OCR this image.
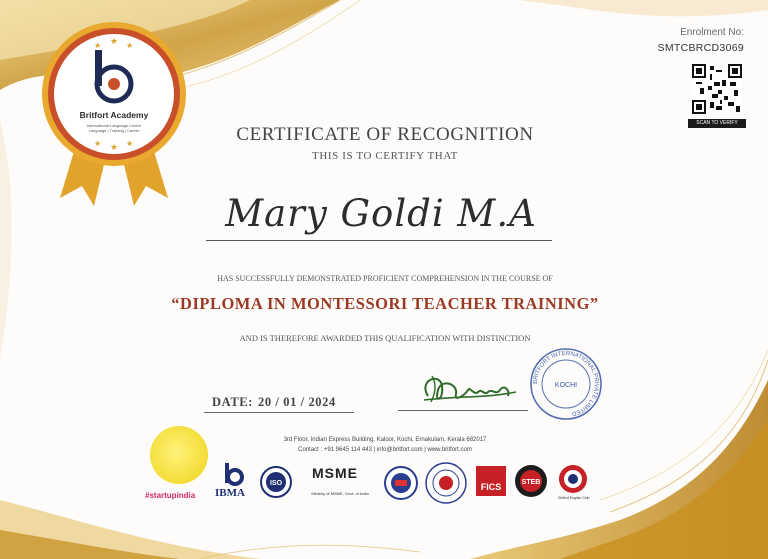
★ ★ ★
★ ★ ★
Britfort Academy
International Language Centre
Language | Training | Career
Enrolment No:
SMTCBRCD3069
SCAN TO VERIFY
CERTIFICATE OF RECOGNITION
THIS IS TO CERTIFY THAT
Mary Goldi M.A
HAS SUCCESSFULLY DEMONSTRATED PROFICIENT COMPREHENSION IN THE COURSE OF
“DIPLOMA IN MONTESSORI TEACHER TRAINING”
AND IS THEREFORE AWARDED THIS QUALIFICATION WITH DISTINCTION
DATE: 20 / 01 / 2024
BRITFORT INTERNATIONAL PRIVATE LIMITED
KOCHI
3rd Floor, Indian Express Building, Kaloor, Kochi, Ernakulam, Kerala 682017
Contact : +91 9645 114 443 | info@britfort.com | www.britfort.com
#startupindia IBMA
ISO
MSME
Ministry of MSME, Govt. of India
FICS	STEB
Britfort English Club
